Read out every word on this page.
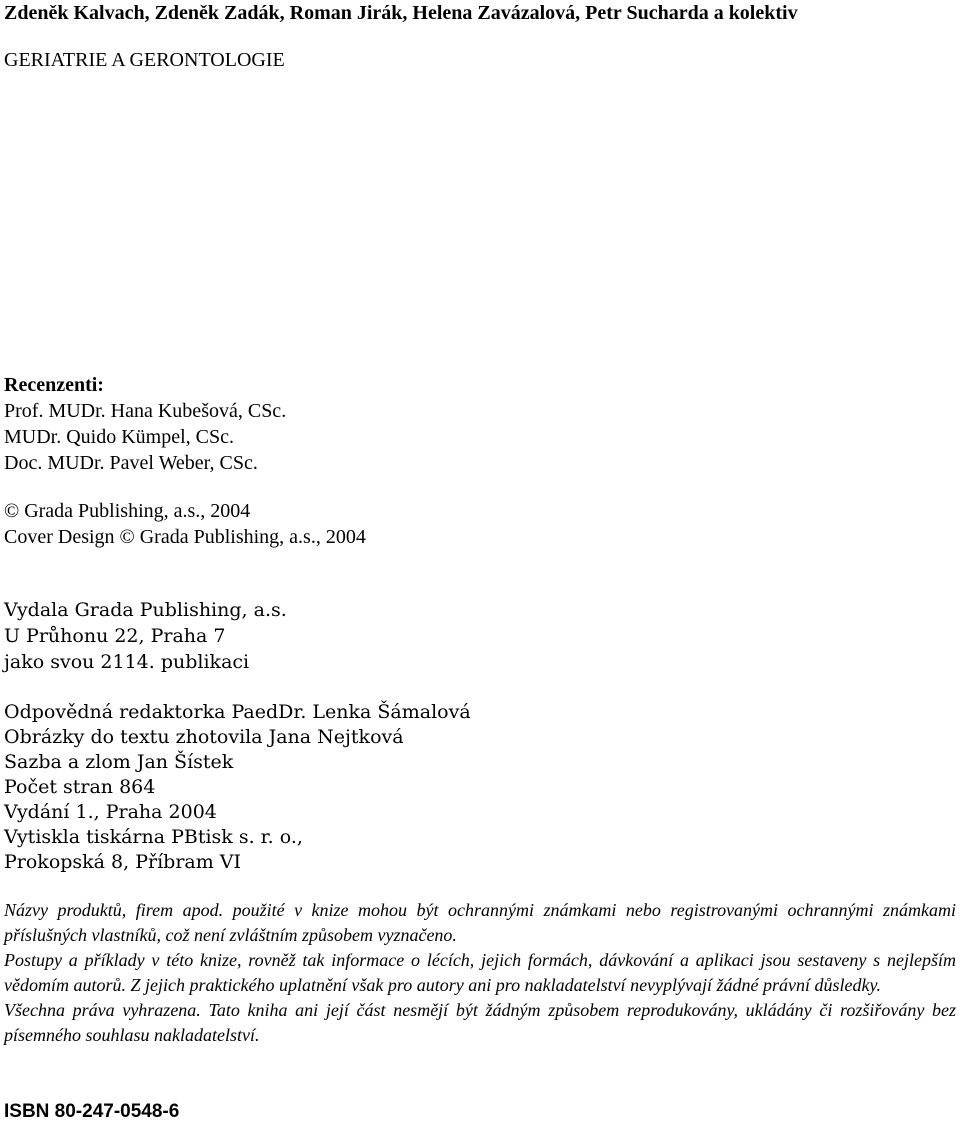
Zdeněk Kalvach, Zdeněk Zadák, Roman Jirák, Helena Zavázalová, Petr Sucharda a kolektiv
GERIATRIE A GERONTOLOGIE
Recenzenti:
Prof. MUDr. Hana Kubešová, CSc.
MUDr. Quido Kümpel, CSc.
Doc. MUDr. Pavel Weber, CSc.
© Grada Publishing, a.s., 2004
Cover Design © Grada Publishing, a.s., 2004
Vydala Grada Publishing, a.s.
U Průhonu 22, Praha 7
jako svou 2114. publikaci
Odpovědná redaktorka PaedDr. Lenka Šámalová
Obrázky do textu zhotovila Jana Nejtková
Sazba a zlom Jan Šístek
Počet stran 864
Vydání 1., Praha 2004
Vytiskla tiskárna PBtisk s. r. o.,
Prokopská 8, Příbram VI

Názvy produktů, firem apod. použité v knize mohou být ochrannými známkami nebo registrovanými ochrannými známkami příslušných vlastníků, což není zvláštním způsobem vyznačeno.

Postupy a příklady v této knize, rovněž tak informace o lécích, jejich formách, dávkování a aplikaci jsou sestaveny s nejlepším vědomím autorů. Z jejich praktického uplatnění však pro autory ani pro nakladatelství nevyplývají žádné právní důsledky.

Všechna práva vyhrazena. Tato kniha ani její část nesmějí být žádným způsobem reprodukovány, ukládány či rozšiřovány bez písemného souhlasu nakladatelství.

ISBN 80-247-0548-6
